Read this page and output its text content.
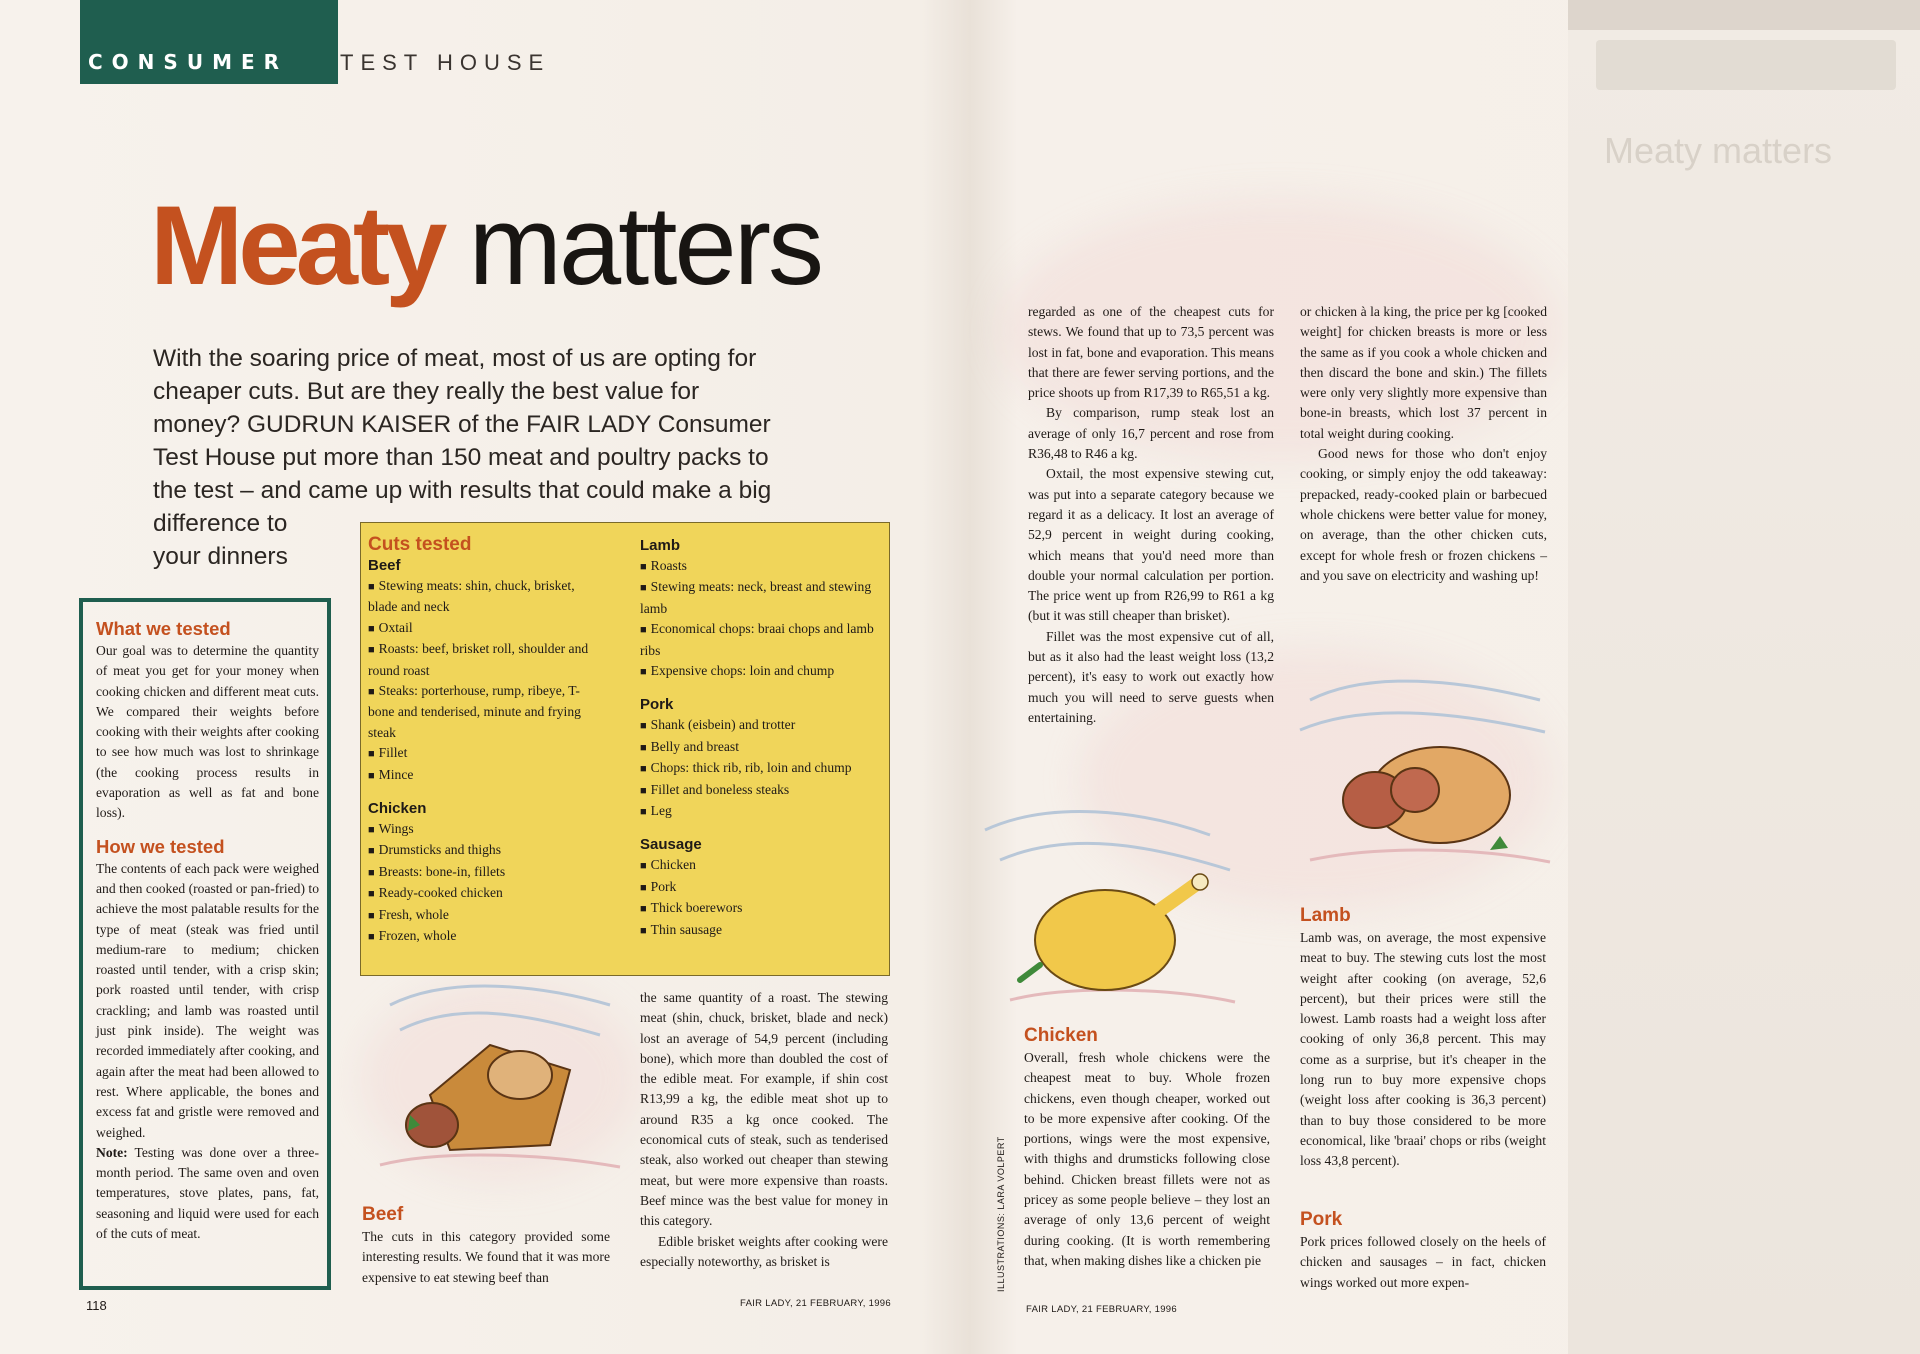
CONSUMER TEST HOUSE
Meaty matters

With the soaring price of meat, most of us are opting for

cheaper cuts. But are they really the best value for

money? GUDRUN KAISER of the FAIR LADY Consumer

Test House put more than 150 meat and poultry packs to

the test – and came up with results that could make a big

difference to

your dinners

What we tested

Our goal was to determine the quantity of meat you get for your money when cooking chicken and different meat cuts. We compared their weights before cooking with their weights after cooking to see how much was lost to shrinkage (the cooking process results in evaporation as well as fat and bone loss).

How we tested

The contents of each pack were weighed and then cooked (roasted or pan-fried) to achieve the most palatable results for the type of meat (steak was fried until medium-rare to medium; chicken roasted until tender, with a crisp skin; pork roasted until tender, with crisp crackling; and lamb was roasted until just pink inside). The weight was recorded immediately after cooking, and again after the meat had been allowed to rest. Where applicable, the bones and excess fat and gristle were removed and weighed.

Note: Testing was done over a three-month period. The same oven and oven temperatures, stove plates, pans, fat, seasoning and liquid were used for each of the cuts of meat.

Cuts tested
Beef
■ Stewing meats: shin, chuck, brisket, blade and neck
■ Oxtail
■ Roasts: beef, brisket roll, shoulder and round roast
■ Steaks: porterhouse, rump, ribeye, T-bone and tenderised, minute and frying steak
■ Fillet
■ Mince
Chicken
■ Wings
■ Drumsticks and thighs
■ Breasts: bone-in, fillets
■ Ready-cooked chicken
■ Fresh, whole
■ Frozen, whole
Lamb
■ Roasts
■ Stewing meats: neck, breast and stewing lamb
■ Economical chops: braai chops and lamb ribs
■ Expensive chops: loin and chump
Pork
■ Shank (eisbein) and trotter
■ Belly and breast
■ Chops: thick rib, rib, loin and chump
■ Fillet and boneless steaks
■ Leg
Sausage
■ Chicken
■ Pork
■ Thick boerewors
■ Thin sausage
Beef

The cuts in this category provided some interesting results. We found that it was more expensive to eat stewing beef than

the same quantity of a roast. The stewing meat (shin, chuck, brisket, blade and neck) lost an average of 54,9 percent (including bone), which more than doubled the cost of the edible meat. For example, if shin cost R13,99 a kg, the edible meat shot up to around R35 a kg once cooked. The economical cuts of steak, such as tenderised steak, also worked out cheaper than stewing meat, but were more expensive than roasts. Beef mince was the best value for money in this category.

Edible brisket weights after cooking were especially noteworthy, as brisket is

regarded as one of the cheapest cuts for stews. We found that up to 73,5 percent was lost in fat, bone and evaporation. This means that there are fewer serving portions, and the price shoots up from R17,39 to R65,51 a kg.

By comparison, rump steak lost an average of only 16,7 percent and rose from R36,48 to R46 a kg.

Oxtail, the most expensive stewing cut, was put into a separate category because we regard it as a delicacy. It lost an average of 52,9 percent in weight during cooking, which means that you'd need more than double your normal calculation per portion. The price went up from R26,99 to R61 a kg (but it was still cheaper than brisket).

Fillet was the most expensive cut of all, but as it also had the least weight loss (13,2 percent), it's easy to work out exactly how much you will need to serve guests when entertaining.

Chicken

Overall, fresh whole chickens were the cheapest meat to buy. Whole frozen chickens, even though cheaper, worked out to be more expensive after cooking. Of the portions, wings were the most expensive, with thighs and drumsticks following close behind. Chicken breast fillets were not as pricey as some people believe – they lost an average of only 13,6 percent of weight during cooking. (It is worth remembering that, when making dishes like a chicken pie

or chicken à la king, the price per kg [cooked weight] for chicken breasts is more or less the same as if you cook a whole chicken and then discard the bone and skin.) The fillets were only very slightly more expensive than bone-in breasts, which lost 37 percent in total weight during cooking.

Good news for those who don't enjoy cooking, or simply enjoy the odd takeaway: prepacked, ready-cooked plain or barbecued whole chickens were better value for money, on average, than the other chicken cuts, except for whole fresh or frozen chickens – and you save on electricity and washing up!

Lamb

Lamb was, on average, the most expensive meat to buy. The stewing cuts lost the most weight after cooking (on average, 52,6 percent), but their prices were still the lowest. Lamb roasts had a weight loss after cooking of only 36,8 percent. This may come as a surprise, but it's cheaper in the long run to buy more expensive chops (weight loss after cooking is 36,3 percent) than to buy those considered to be more economical, like 'braai' chops or ribs (weight loss 43,8 percent).

Pork

Pork prices followed closely on the heels of chicken and sausages – in fact, chicken wings worked out more expen-

118	FAIR LADY, 21 FEBRUARY, 1996
FAIR LADY, 21 FEBRUARY, 1996
ILLUSTRATIONS: LARA VOLPERT
Meaty matters
